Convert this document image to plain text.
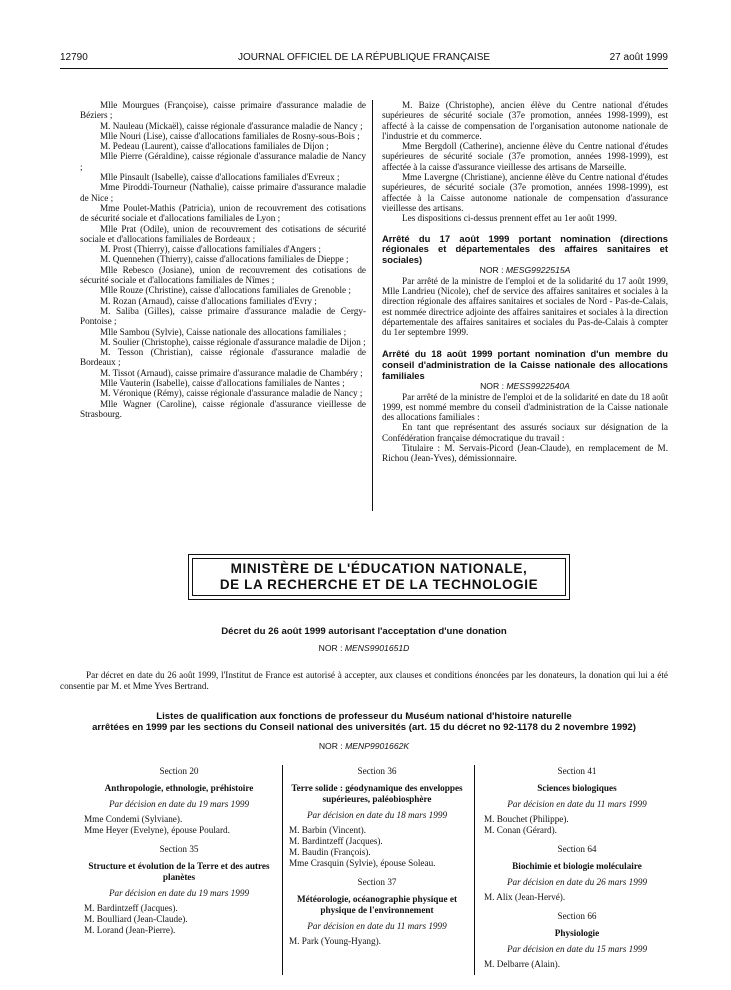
12790	JOURNAL OFFICIEL DE LA RÉPUBLIQUE FRANÇAISE	27 août 1999

Mlle Mourgues (Françoise), caisse primaire d'assurance maladie de Béziers ;

M. Nauleau (Mickaël), caisse régionale d'assurance maladie de Nancy ;

Mlle Nouri (Lise), caisse d'allocations familiales de Rosny-sous-Bois ;

M. Pedeau (Laurent), caisse d'allocations familiales de Dijon ;

Mlle Pierre (Géraldine), caisse régionale d'assurance maladie de Nancy ;

Mlle Pinsault (Isabelle), caisse d'allocations familiales d'Evreux ;

Mme Piroddi-Tourneur (Nathalie), caisse primaire d'assurance maladie de Nice ;

Mme Poulet-Mathis (Patricia), union de recouvrement des cotisations de sécurité sociale et d'allocations familiales de Lyon ;

Mlle Prat (Odile), union de recouvrement des cotisations de sécurité sociale et d'allocations familiales de Bordeaux ;

M. Prost (Thierry), caisse d'allocations familiales d'Angers ;

M. Quennehen (Thierry), caisse d'allocations familiales de Dieppe ;

Mlle Rebesco (Josiane), union de recouvrement des cotisations de sécurité sociale et d'allocations familiales de Nîmes ;

Mlle Rouze (Christine), caisse d'allocations familiales de Grenoble ;

M. Rozan (Arnaud), caisse d'allocations familiales d'Evry ;

M. Saliba (Gilles), caisse primaire d'assurance maladie de Cergy-Pontoise ;

Mlle Sambou (Sylvie), Caisse nationale des allocations familiales ;

M. Soulier (Christophe), caisse régionale d'assurance maladie de Dijon ;

M. Tesson (Christian), caisse régionale d'assurance maladie de Bordeaux ;

M. Tissot (Arnaud), caisse primaire d'assurance maladie de Chambéry ;

Mlle Vauterin (Isabelle), caisse d'allocations familiales de Nantes ;

M. Véronique (Rémy), caisse régionale d'assurance maladie de Nancy ;

Mlle Wagner (Caroline), caisse régionale d'assurance vieillesse de Strasbourg.

M. Baize (Christophe), ancien élève du Centre national d'études supérieures de sécurité sociale (37e promotion, années 1998-1999), est affecté à la caisse de compensation de l'organisation autonome nationale de l'industrie et du commerce.

Mme Bergdoll (Catherine), ancienne élève du Centre national d'études supérieures de sécurité sociale (37e promotion, années 1998-1999), est affectée à la caisse d'assurance vieillesse des artisans de Marseille.

Mme Lavergne (Christiane), ancienne élève du Centre national d'études supérieures, de sécurité sociale (37e promotion, années 1998-1999), est affectée à la Caisse autonome nationale de compensation d'assurance vieillesse des artisans.

Les dispositions ci-dessus prennent effet au 1er août 1999.

Arrêté du 17 août 1999 portant nomination (directions régionales et départementales des affaires sanitaires et sociales)

NOR : MESG9922515A

Par arrêté de la ministre de l'emploi et de la solidarité du 17 août 1999, Mlle Landrieu (Nicole), chef de service des affaires sanitaires et sociales à la direction régionale des affaires sanitaires et sociales de Nord - Pas-de-Calais, est nommée directrice adjointe des affaires sanitaires et sociales à la direction départementale des affaires sanitaires et sociales du Pas-de-Calais à compter du 1er septembre 1999.

Arrêté du 18 août 1999 portant nomination d'un membre du conseil d'administration de la Caisse nationale des allocations familiales

NOR : MESS9922540A

Par arrêté de la ministre de l'emploi et de la solidarité en date du 18 août 1999, est nommé membre du conseil d'administration de la Caisse nationale des allocations familiales :

En tant que représentant des assurés sociaux sur désignation de la Confédération française démocratique du travail :

Titulaire : M. Servais-Picord (Jean-Claude), en remplacement de M. Richou (Jean-Yves), démissionnaire.

MINISTÈRE DE L'ÉDUCATION NATIONALE,
DE LA RECHERCHE ET DE LA TECHNOLOGIE
Décret du 26 août 1999 autorisant l'acceptation d'une donation
NOR : MENS9901651D
Par décret en date du 26 août 1999, l'Institut de France est autorisé à accepter, aux clauses et conditions énoncées par les donateurs, la donation qui lui a été consentie par M. et Mme Yves Bertrand.
Listes de qualification aux fonctions de professeur du Muséum national d'histoire naturelle
arrêtées en 1999 par les sections du Conseil national des universités (art. 15 du décret no 92-1178 du 2 novembre 1992)
NOR : MENP9901662K
Section 20
Anthropologie, ethnologie, préhistoire
Par décision en date du 19 mars 1999
Mme Condemi (Sylviane).
Mme Heyer (Evelyne), épouse Poulard.
Section 35
Structure et évolution de la Terre et des autres planètes
Par décision en date du 19 mars 1999
M. Bardintzeff (Jacques).
M. Boulliard (Jean-Claude).
M. Lorand (Jean-Pierre).
Section 36
Terre solide : géodynamique des enveloppes supérieures, paléobiosphère
Par décision en date du 18 mars 1999
M. Barbin (Vincent).
M. Bardintzeff (Jacques).
M. Baudin (François).
Mme Crasquin (Sylvie), épouse Soleau.
Section 37
Météorologie, océanographie physique et physique de l'environnement
Par décision en date du 11 mars 1999
M. Park (Young-Hyang).
Section 41
Sciences biologiques
Par décision en date du 11 mars 1999
M. Bouchet (Philippe).
M. Conan (Gérard).
Section 64
Biochimie et biologie moléculaire
Par décision en date du 26 mars 1999
M. Alix (Jean-Hervé).
Section 66
Physiologie
Par décision en date du 15 mars 1999
M. Delbarre (Alain).
